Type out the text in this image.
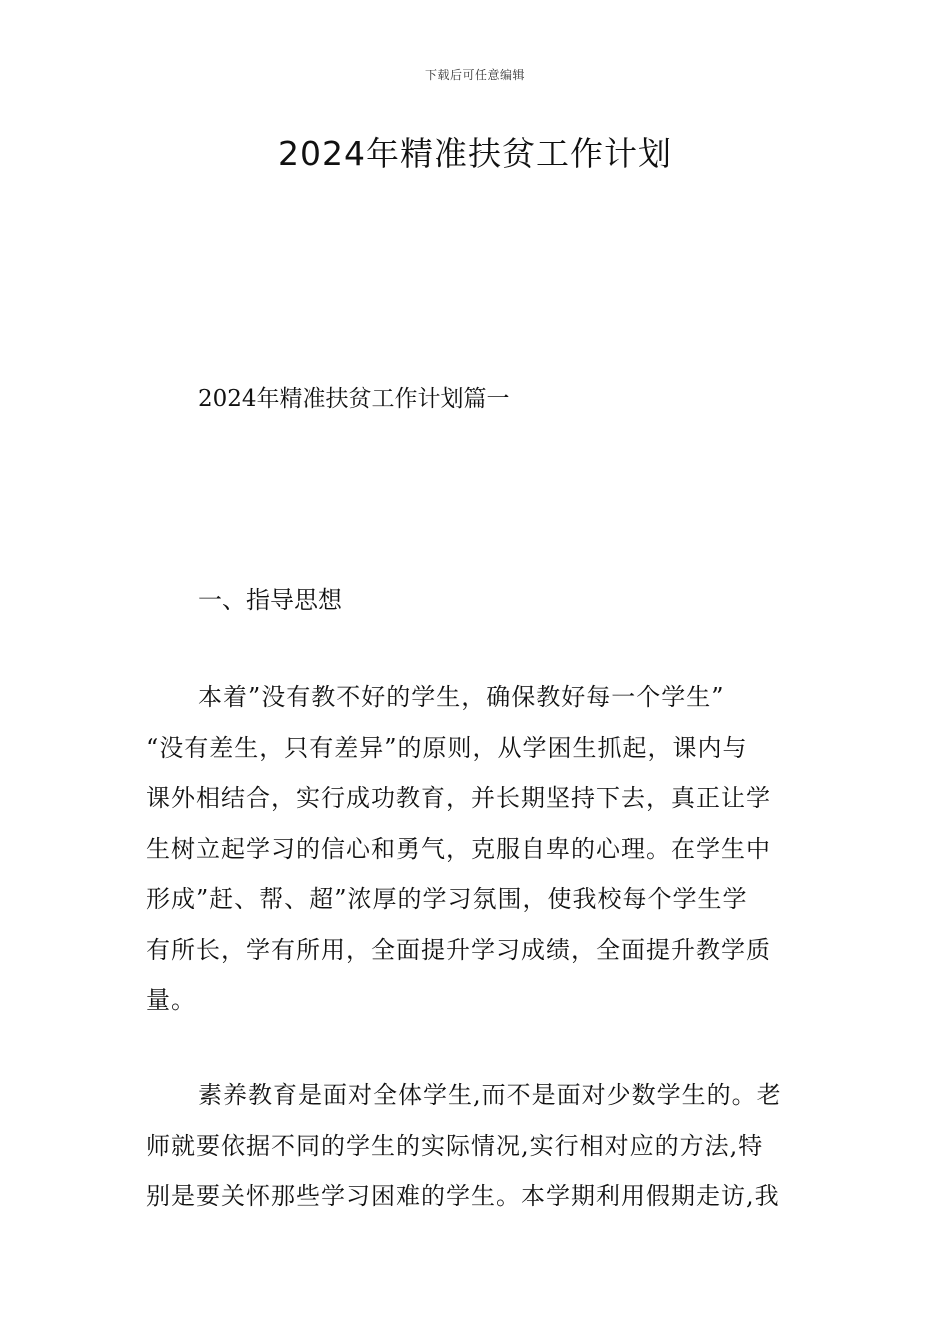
下载后可任意编辑
2024年精准扶贫工作计划

2024年精准扶贫工作计划篇一

一、指导思想

本着”没有教不好的学生，确保教好每一个学生”
“没有差生，只有差异”的原则，从学困生抓起，课内与
课外相结合，实行成功教育，并长期坚持下去，真正让学
生树立起学习的信心和勇气，克服自卑的心理。在学生中
形成”赶、帮、超”浓厚的学习氛围，使我校每个学生学
有所长，学有所用，全面提升学习成绩，全面提升教学质
量。

素养教育是面对全体学生,而不是面对少数学生的。老
师就要依据不同的学生的实际情况,实行相对应的方法,特
别是要关怀那些学习困难的学生。本学期利用假期走访,我
